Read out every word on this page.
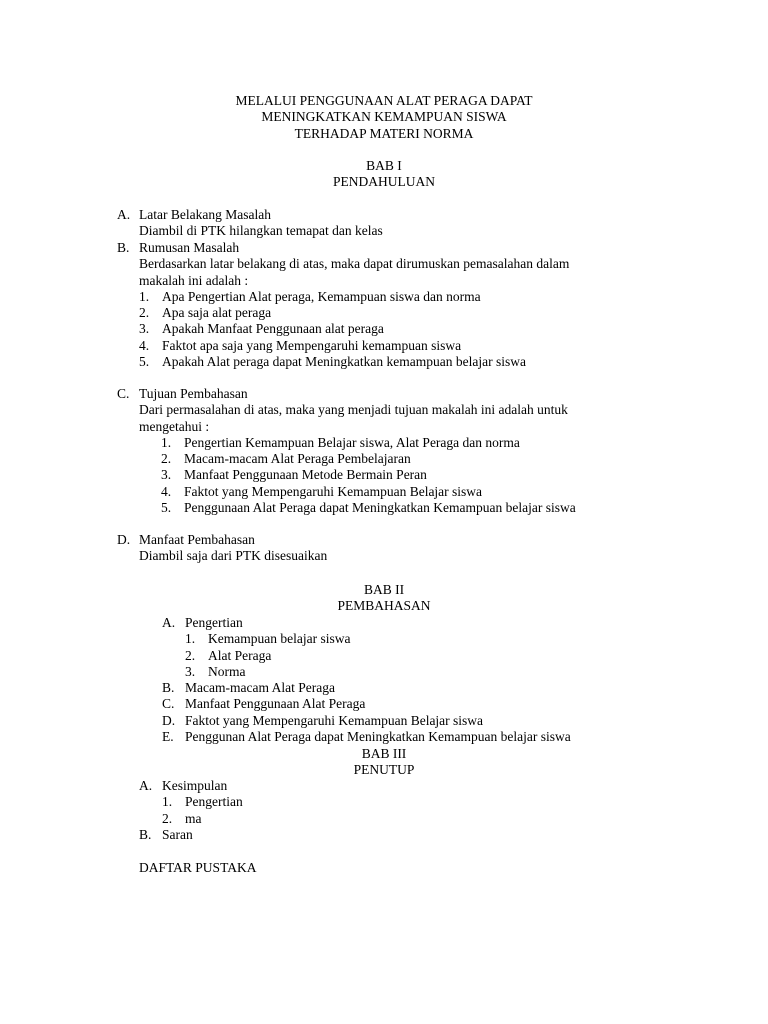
MELALUI PENGGUNAAN ALAT PERAGA DAPAT
MENINGKATKAN KEMAMPUAN SISWA
TERHADAP MATERI NORMA
BAB I
PENDAHULUAN
A. Latar Belakang Masalah
Diambil di PTK hilangkan temapat dan kelas
B. Rumusan Masalah
Berdasarkan latar belakang di atas, maka dapat dirumuskan pemasalahan dalam
makalah ini adalah :
1. Apa Pengertian Alat peraga, Kemampuan siswa dan norma
2. Apa saja alat peraga
3. Apakah Manfaat Penggunaan alat peraga
4. Faktot apa saja yang Mempengaruhi kemampuan siswa
5. Apakah Alat peraga dapat Meningkatkan kemampuan belajar siswa
C. Tujuan Pembahasan
Dari permasalahan di atas, maka yang menjadi tujuan makalah ini adalah untuk
mengetahui :
1. Pengertian Kemampuan Belajar siswa, Alat Peraga dan norma
2. Macam-macam Alat Peraga Pembelajaran
3. Manfaat Penggunaan Metode Bermain Peran
4. Faktot yang Mempengaruhi Kemampuan Belajar siswa
5. Penggunaan Alat Peraga dapat Meningkatkan Kemampuan belajar siswa
D. Manfaat Pembahasan
Diambil saja dari PTK disesuaikan
BAB II
PEMBAHASAN
A. Pengertian
1. Kemampuan belajar siswa
2. Alat Peraga
3. Norma
B. Macam-macam Alat Peraga
C. Manfaat Penggunaan Alat Peraga
D. Faktot yang Mempengaruhi Kemampuan Belajar siswa
E. Penggunan Alat Peraga dapat Meningkatkan Kemampuan belajar siswa
BAB III
PENUTUP
A. Kesimpulan
1. Pengertian
2. ma
B. Saran
DAFTAR PUSTAKA
